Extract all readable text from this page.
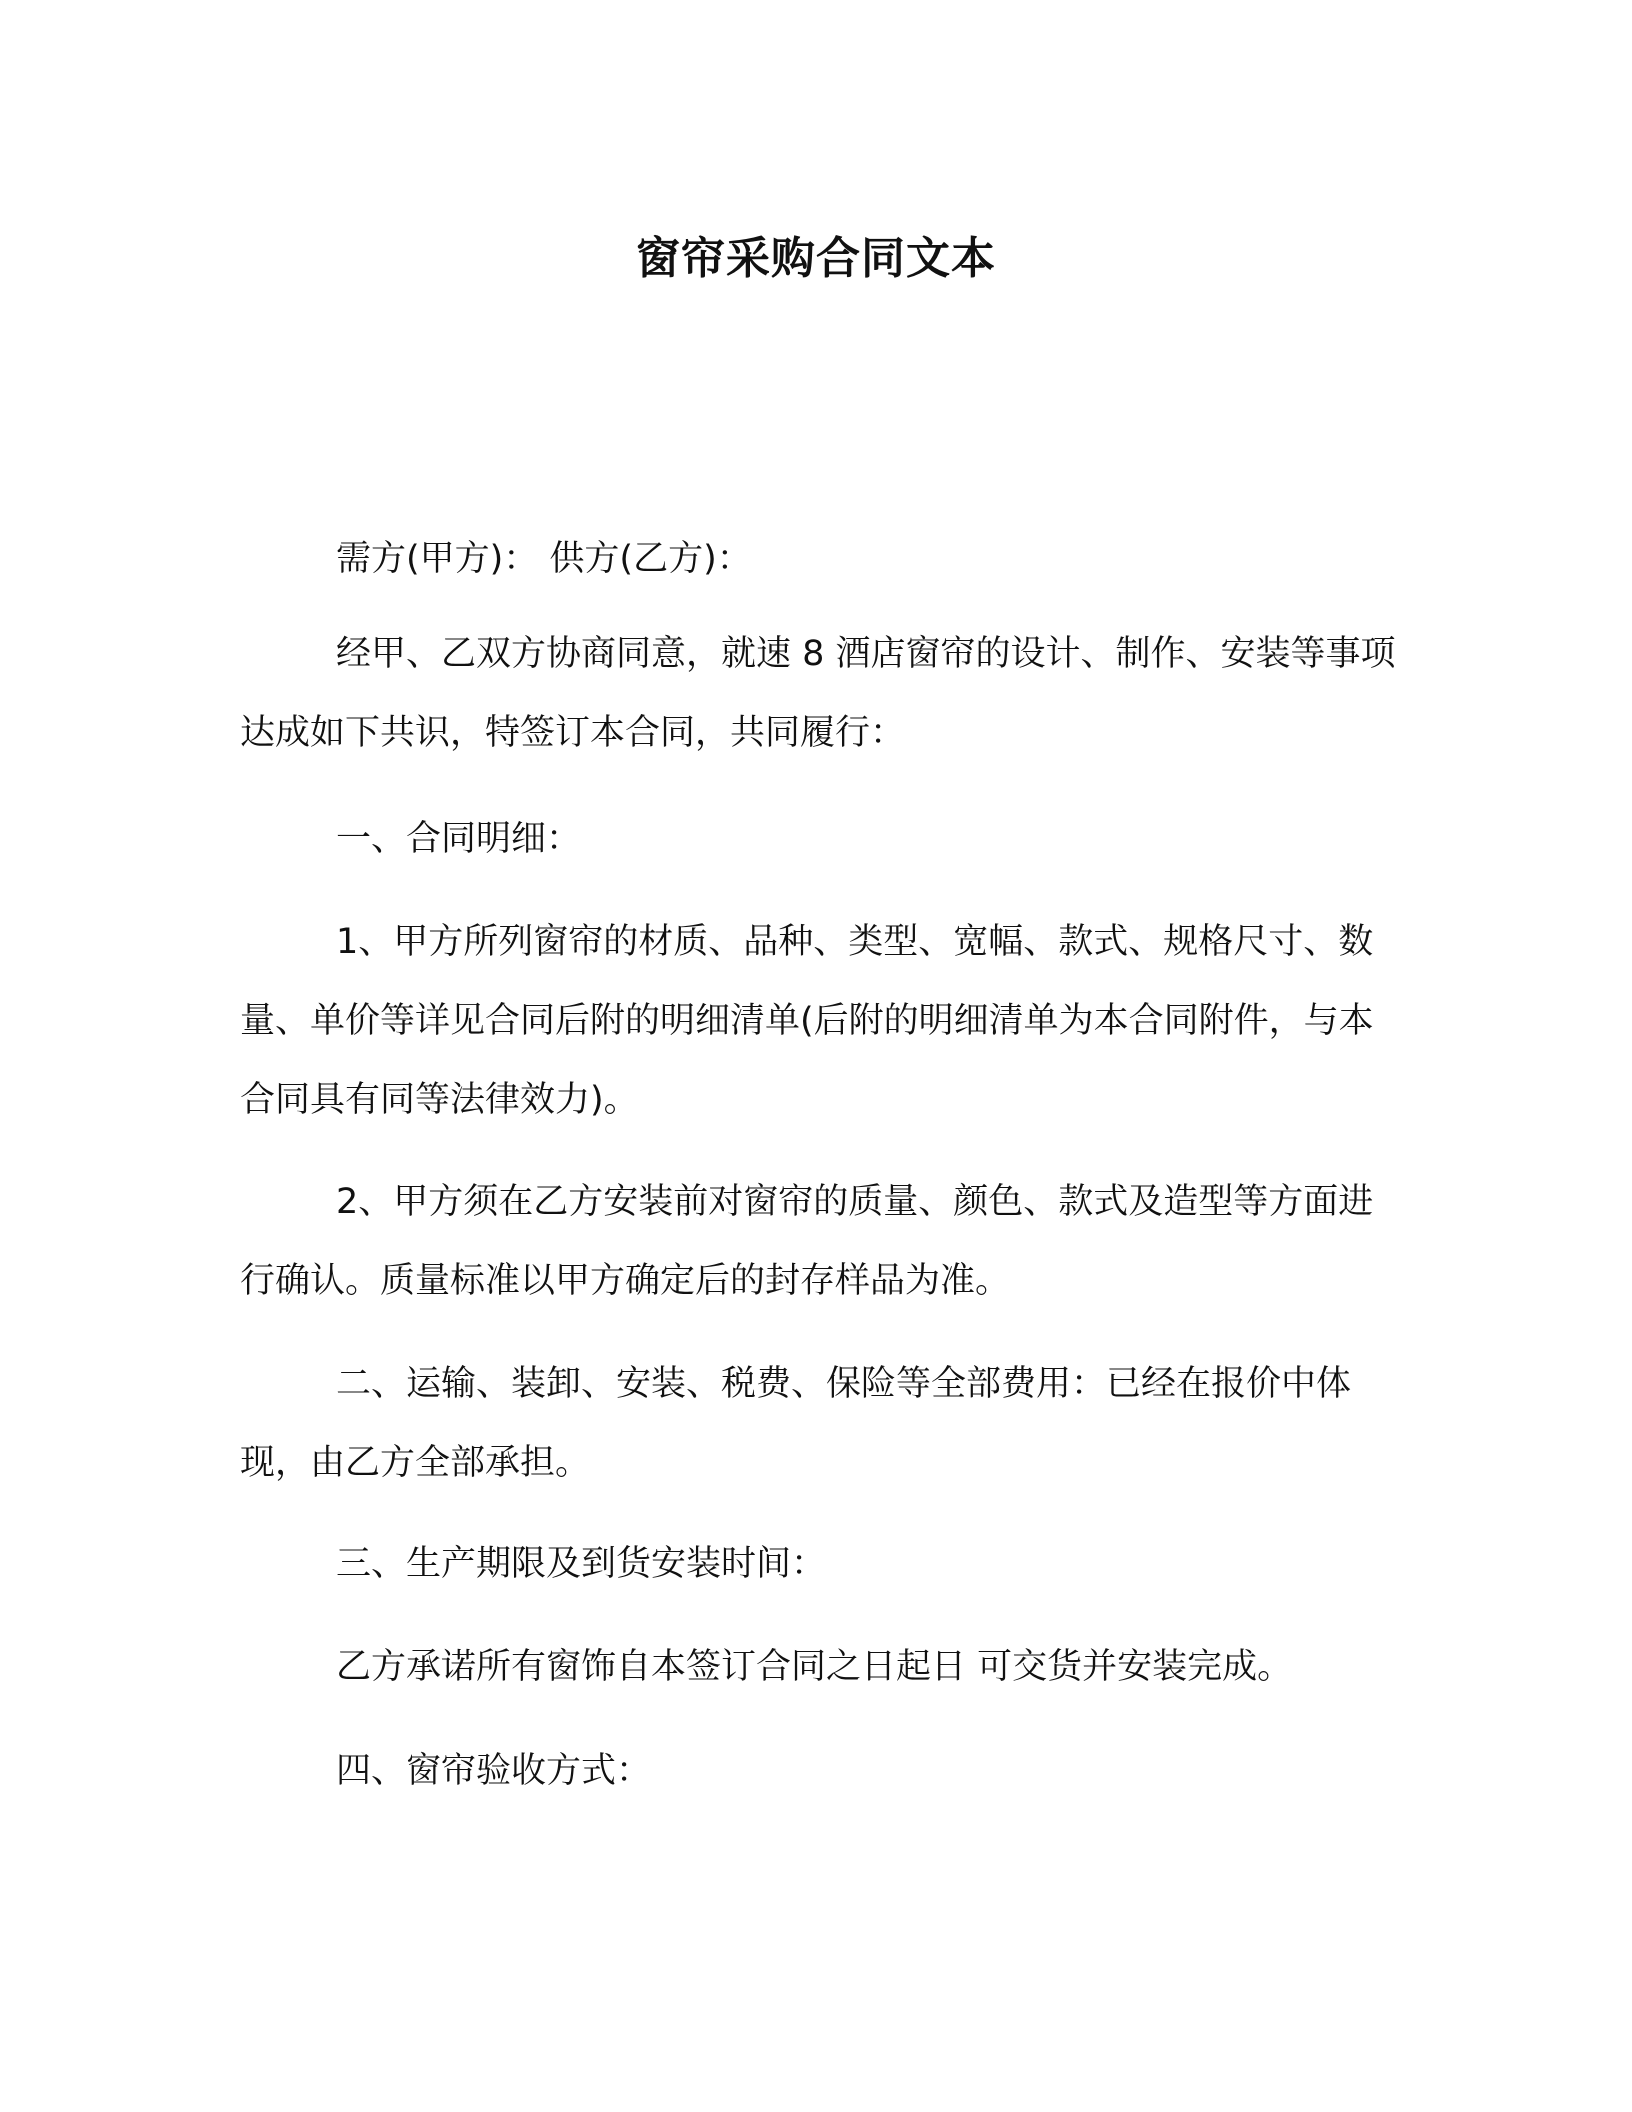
窗帘采购合同文本

需方(甲方)： 供方(乙方)：

经甲、乙双方协商同意，就速 8 酒店窗帘的设计、制作、安装等事项达成如下共识，特签订本合同，共同履行：

一、合同明细：

1、甲方所列窗帘的材质、品种、类型、宽幅、款式、规格尺寸、数量、单价等详见合同后附的明细清单(后附的明细清单为本合同附件，与本合同具有同等法律效力)。

2、甲方须在乙方安装前对窗帘的质量、颜色、款式及造型等方面进行确认。质量标准以甲方确定后的封存样品为准。

二、运输、装卸、安装、税费、保险等全部费用：已经在报价中体现，由乙方全部承担。

三、生产期限及到货安装时间：

乙方承诺所有窗饰自本签订合同之日起日 可交货并安装完成。

四、窗帘验收方式：
